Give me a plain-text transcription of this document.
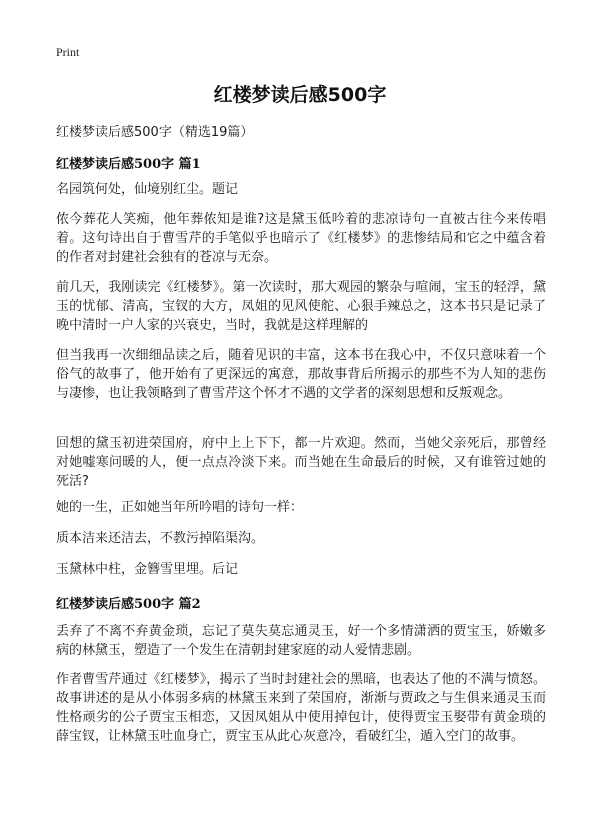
Print
红楼梦读后感500字
红楼梦读后感500字（精选19篇）
红楼梦读后感500字 篇1

名园筑何处，仙境别红尘。题记

侬今葬花人笑痴，他年葬侬知是谁?这是黛玉低吟着的悲凉诗句一直被古往今来传唱着。这句诗出自于曹雪芹的手笔似乎也暗示了《红楼梦》的悲惨结局和它之中蕴含着的作者对封建社会独有的苍凉与无奈。

前几天，我刚读完《红楼梦》。第一次读时，那大观园的繁杂与喧闹，宝玉的轻浮，黛玉的忧郁、清高，宝钗的大方，凤姐的见风使舵、心狠手辣总之，这本书只是记录了晚中清时一户人家的兴衰史，当时，我就是这样理解的

但当我再一次细细品读之后，随着见识的丰富，这本书在我心中，不仅只意味着一个俗气的故事了，他开始有了更深远的寓意，那故事背后所揭示的那些不为人知的悲伤与凄惨，也让我领略到了曹雪芹这个怀才不遇的文学者的深刻思想和反叛观念。

回想的黛玉初进荣国府，府中上上下下，都一片欢迎。然而，当她父亲死后，那曾经对她嘘寒问暖的人，便一点点冷淡下来。而当她在生命最后的时候，又有谁管过她的死活?

她的一生，正如她当年所吟唱的诗句一样：

质本洁来还洁去，不教污掉陷渠沟。

玉黛林中柱，金簪雪里埋。后记

红楼梦读后感500字 篇2

丢弃了不离不弃黄金琐，忘记了莫失莫忘通灵玉，好一个多情潇洒的贾宝玉，娇嫩多病的林黛玉，塑造了一个发生在清朝封建家庭的动人爱情悲剧。

作者曹雪芹通过《红楼梦》，揭示了当时封建社会的黑暗，也表达了他的不满与愤怒。故事讲述的是从小体弱多病的林黛玉来到了荣国府，渐渐与贾政之与生俱来通灵玉而性格顽劣的公子贾宝玉相恋，又因凤姐从中使用掉包计，使得贾宝玉娶带有黄金琐的薛宝钗，让林黛玉吐血身亡，贾宝玉从此心灰意冷，看破红尘，遁入空门的故事。
